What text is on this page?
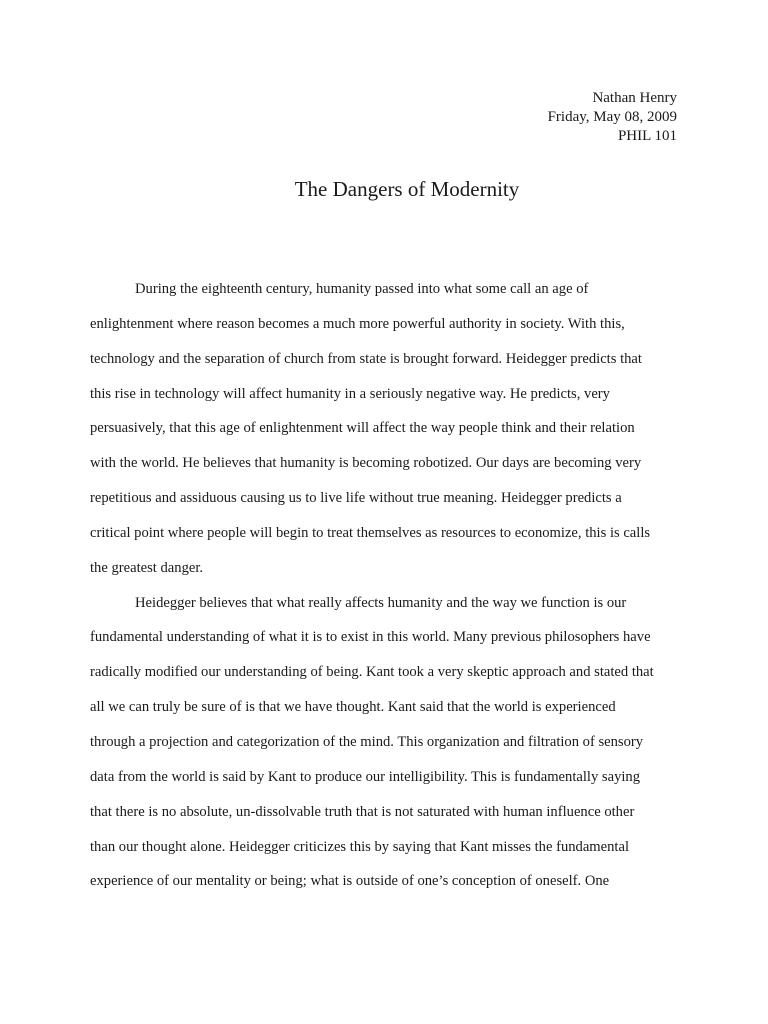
Nathan Henry
Friday, May 08, 2009
PHIL 101
The Dangers of Modernity
During the eighteenth century, humanity passed into what some call an age of
enlightenment where reason becomes a much more powerful authority in society. With this,
technology and the separation of church from state is brought forward. Heidegger predicts that
this rise in technology will affect humanity in a seriously negative way. He predicts, very
persuasively, that this age of enlightenment will affect the way people think and their relation
with the world. He believes that humanity is becoming robotized. Our days are becoming very
repetitious and assiduous causing us to live life without true meaning. Heidegger predicts a
critical point where people will begin to treat themselves as resources to economize, this is calls
the greatest danger.
Heidegger believes that what really affects humanity and the way we function is our
fundamental understanding of what it is to exist in this world. Many previous philosophers have
radically modified our understanding of being. Kant took a very skeptic approach and stated that
all we can truly be sure of is that we have thought. Kant said that the world is experienced
through a projection and categorization of the mind. This organization and filtration of sensory
data from the world is said by Kant to produce our intelligibility. This is fundamentally saying
that there is no absolute, un-dissolvable truth that is not saturated with human influence other
than our thought alone. Heidegger criticizes this by saying that Kant misses the fundamental
experience of our mentality or being; what is outside of one’s conception of oneself. One
